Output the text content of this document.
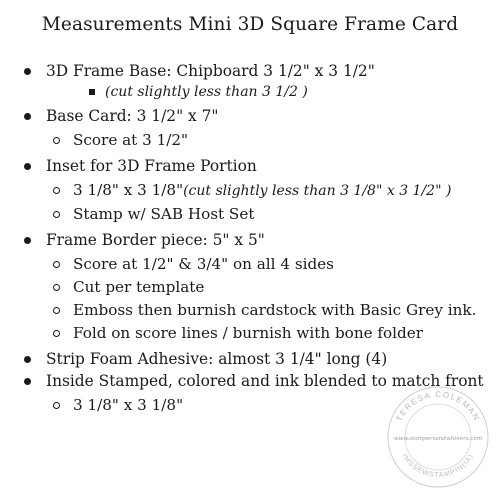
Measurements Mini 3D Square Frame Card
3D Frame Base: Chipboard 3 1/2" x 3 1/2"
(cut slightly less than 3 1/2 )
Base Card: 3 1/2" x 7"
Score at 3 1/2"
Inset for 3D Frame Portion
3 1/8" x 3 1/8"(cut slightly less than 3 1/8" x 3 1/2" )
Stamp w/ SAB Host Set
Frame Border piece: 5" x 5"
Score at 1/2" & 3/4" on all 4 sides
Cut per template
Emboss then burnish cardstock with Basic Grey ink.
Fold on score lines / burnish with bone folder
Strip Foam Adhesive: almost 3 1/4" long (4)
Inside Stamped, colored and ink blended to match front
3 1/8" x 3 1/8"
TERESA COLEMAN
IMSSEWSTAMPIN(IA)
www.stampersandwhiners.com
